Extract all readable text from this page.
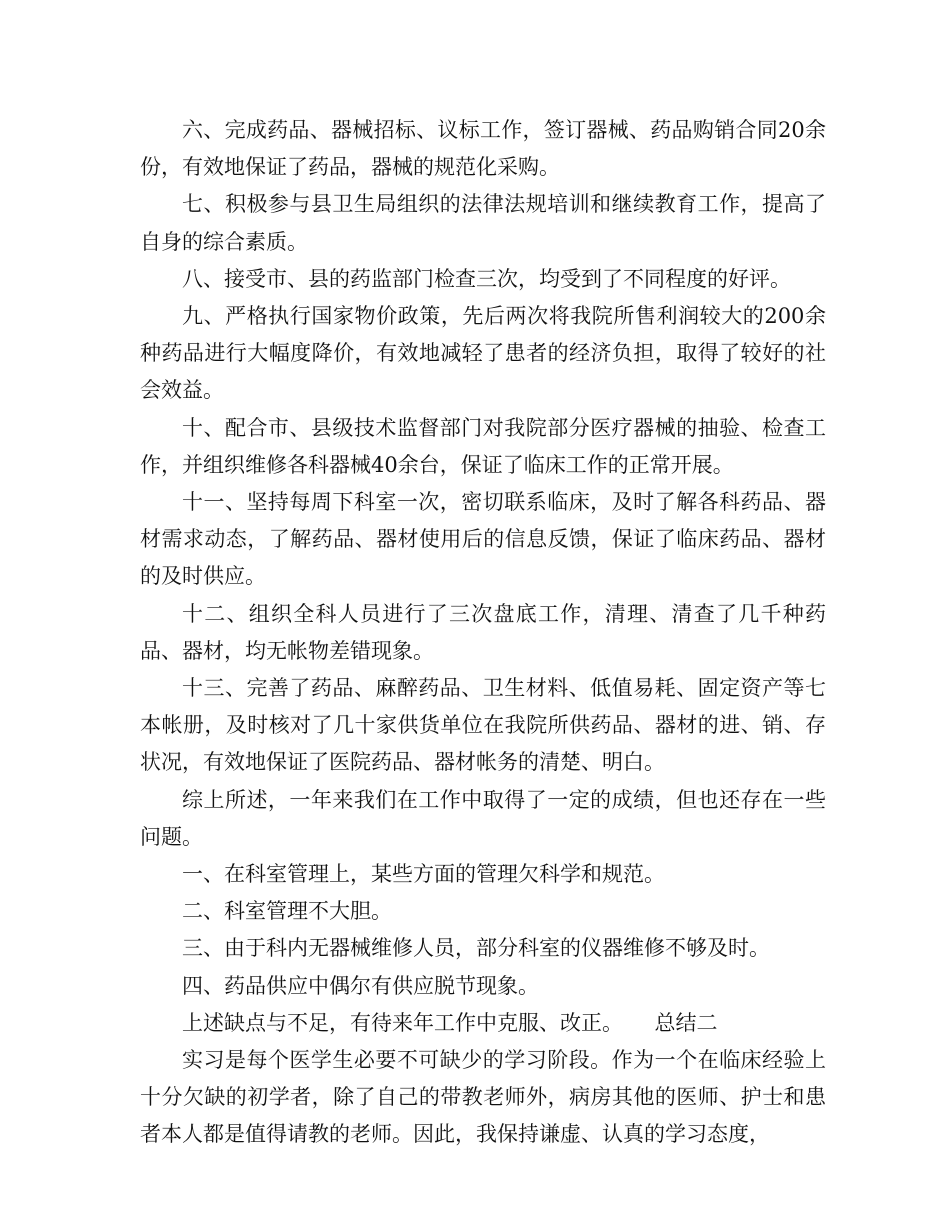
六、完成药品、器械招标、议标工作，签订器械、药品购销合同20余份，有效地保证了药品，器械的规范化采购。

七、积极参与县卫生局组织的法律法规培训和继续教育工作，提高了自身的综合素质。

八、接受市、县的药监部门检查三次，均受到了不同程度的好评。

九、严格执行国家物价政策，先后两次将我院所售利润较大的200余种药品进行大幅度降价，有效地减轻了患者的经济负担，取得了较好的社会效益。

十、配合市、县级技术监督部门对我院部分医疗器械的抽验、检查工作，并组织维修各科器械40余台，保证了临床工作的正常开展。

十一、坚持每周下科室一次，密切联系临床，及时了解各科药品、器材需求动态，了解药品、器材使用后的信息反馈，保证了临床药品、器材的及时供应。

十二、组织全科人员进行了三次盘底工作，清理、清查了几千种药品、器材，均无帐物差错现象。

十三、完善了药品、麻醉药品、卫生材料、低值易耗、固定资产等七本帐册，及时核对了几十家供货单位在我院所供药品、器材的进、销、存状况，有效地保证了医院药品、器材帐务的清楚、明白。

综上所述，一年来我们在工作中取得了一定的成绩，但也还存在一些问题。

一、在科室管理上，某些方面的管理欠科学和规范。

二、科室管理不大胆。

三、由于科内无器械维修人员，部分科室的仪器维修不够及时。

四、药品供应中偶尔有供应脱节现象。

上述缺点与不足，有待来年工作中克服、改正。　　总结二

实习是每个医学生必要不可缺少的学习阶段。作为一个在临床经验上十分欠缺的初学者，除了自己的带教老师外，病房其他的医师、护士和患者本人都是值得请教的老师。因此，我保持谦虚、认真的学习态度，
